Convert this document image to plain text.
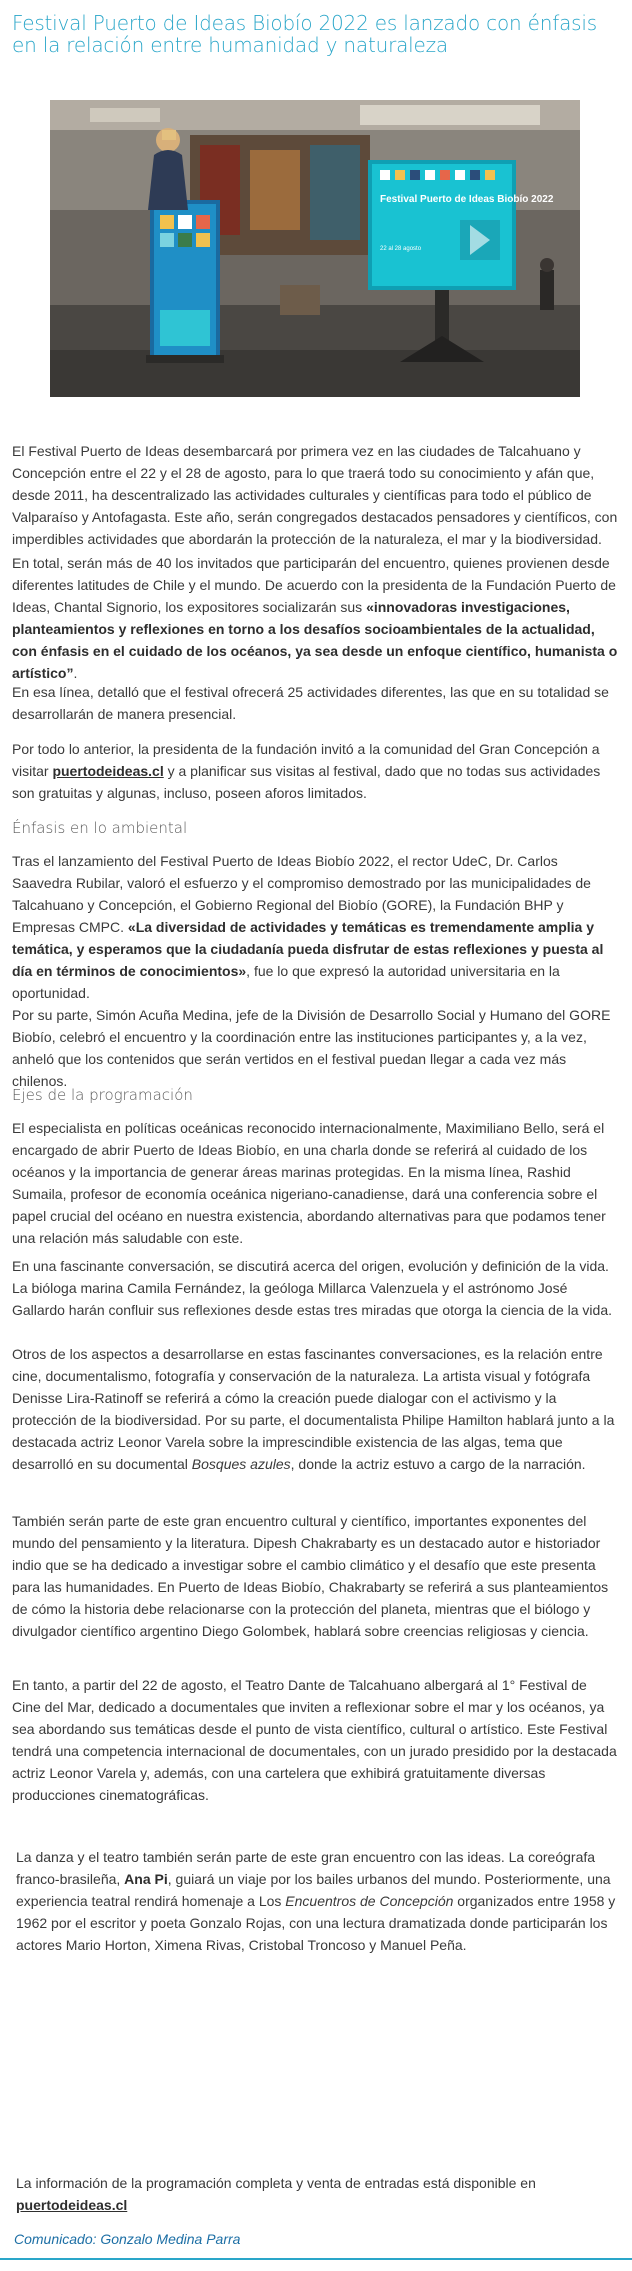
Festival Puerto de Ideas Biobío 2022 es lanzado con énfasis en la relación entre humanidad y naturaleza
Festival Puerto de Ideas Biobío 2022
22 al 28 agosto

El Festival Puerto de Ideas desembarcará por primera vez en las ciudades de Talcahuano y Concepción entre el 22 y el 28 de agosto, para lo que traerá todo su conocimiento y afán que, desde 2011, ha descentralizado las actividades culturales y científicas para todo el público de Valparaíso y Antofagasta. Este año, serán congregados destacados pensadores y científicos, con imperdibles actividades que abordarán la protección de la naturaleza, el mar y la biodiversidad.

En total, serán más de 40 los invitados que participarán del encuentro, quienes provienen desde diferentes latitudes de Chile y el mundo. De acuerdo con la presidenta de la Fundación Puerto de Ideas, Chantal Signorio, los expositores socializarán sus «innovadoras investigaciones, planteamientos y reflexiones en torno a los desafíos socioambientales de la actualidad, con énfasis en el cuidado de los océanos, ya sea desde un enfoque científico, humanista o artístico”.

En esa línea, detalló que el festival ofrecerá 25 actividades diferentes, las que en su totalidad se desarrollarán de manera presencial.

Por todo lo anterior, la presidenta de la fundación invitó a la comunidad del Gran Concepción a visitar puertodeideas.cl y a planificar sus visitas al festival, dado que no todas sus actividades son gratuitas y algunas, incluso, poseen aforos limitados.

Énfasis en lo ambiental

Tras el lanzamiento del Festival Puerto de Ideas Biobío 2022, el rector UdeC, Dr. Carlos Saavedra Rubilar, valoró el esfuerzo y el compromiso demostrado por las municipalidades de Talcahuano y Concepción, el Gobierno Regional del Biobío (GORE), la Fundación BHP y Empresas CMPC. «La diversidad de actividades y temáticas es tremendamente amplia y temática, y esperamos que la ciudadanía pueda disfrutar de estas reflexiones y puesta al día en términos de conocimientos», fue lo que expresó la autoridad universitaria en la oportunidad.

Por su parte, Simón Acuña Medina, jefe de la División de Desarrollo Social y Humano del GORE Biobío, celebró el encuentro y la coordinación entre las instituciones participantes y, a la vez, anheló que los contenidos que serán vertidos en el festival puedan llegar a cada vez más chilenos.

Ejes de la programación

El especialista en políticas oceánicas reconocido internacionalmente, Maximiliano Bello, será el encargado de abrir Puerto de Ideas Biobío, en una charla donde se referirá al cuidado de los océanos y la importancia de generar áreas marinas protegidas. En la misma línea, Rashid Sumaila, profesor de economía oceánica nigeriano-canadiense, dará una conferencia sobre el papel crucial del océano en nuestra existencia, abordando alternativas para que podamos tener una relación más saludable con este.

En una fascinante conversación, se discutirá acerca del origen, evolución y definición de la vida. La bióloga marina Camila Fernández, la geóloga Millarca Valenzuela y el astrónomo José Gallardo harán confluir sus reflexiones desde estas tres miradas que otorga la ciencia de la vida.

Otros de los aspectos a desarrollarse en estas fascinantes conversaciones, es la relación entre cine, documentalismo, fotografía y conservación de la naturaleza. La artista visual y fotógrafa Denisse Lira-Ratinoff se referirá a cómo la creación puede dialogar con el activismo y la protección de la biodiversidad. Por su parte, el documentalista Philipe Hamilton hablará junto a la destacada actriz Leonor Varela sobre la imprescindible existencia de las algas, tema que desarrolló en su documental Bosques azules, donde la actriz estuvo a cargo de la narración.

También serán parte de este gran encuentro cultural y científico, importantes exponentes del mundo del pensamiento y la literatura. Dipesh Chakrabarty es un destacado autor e historiador indio que se ha dedicado a investigar sobre el cambio climático y el desafío que este presenta para las humanidades. En Puerto de Ideas Biobío, Chakrabarty se referirá a sus planteamientos de cómo la historia debe relacionarse con la protección del planeta, mientras que el biólogo y divulgador científico argentino Diego Golombek, hablará sobre creencias religiosas y ciencia.

En tanto, a partir del 22 de agosto, el Teatro Dante de Talcahuano albergará al 1° Festival de Cine del Mar, dedicado a documentales que inviten a reflexionar sobre el mar y los océanos, ya sea abordando sus temáticas desde el punto de vista científico, cultural o artístico. Este Festival tendrá una competencia internacional de documentales, con un jurado presidido por la destacada actriz Leonor Varela y, además, con una cartelera que exhibirá gratuitamente diversas producciones cinematográficas.

La danza y el teatro también serán parte de este gran encuentro con las ideas. La coreógrafa franco-brasileña, Ana Pi, guiará un viaje por los bailes urbanos del mundo. Posteriormente, una experiencia teatral rendirá homenaje a Los Encuentros de Concepción organizados entre 1958 y 1962 por el escritor y poeta Gonzalo Rojas, con una lectura dramatizada donde participarán los actores Mario Horton, Ximena Rivas, Cristobal Troncoso y Manuel Peña.

La información de la programación completa y venta de entradas está disponible en puertodeideas.cl

Comunicado: Gonzalo Medina Parra
